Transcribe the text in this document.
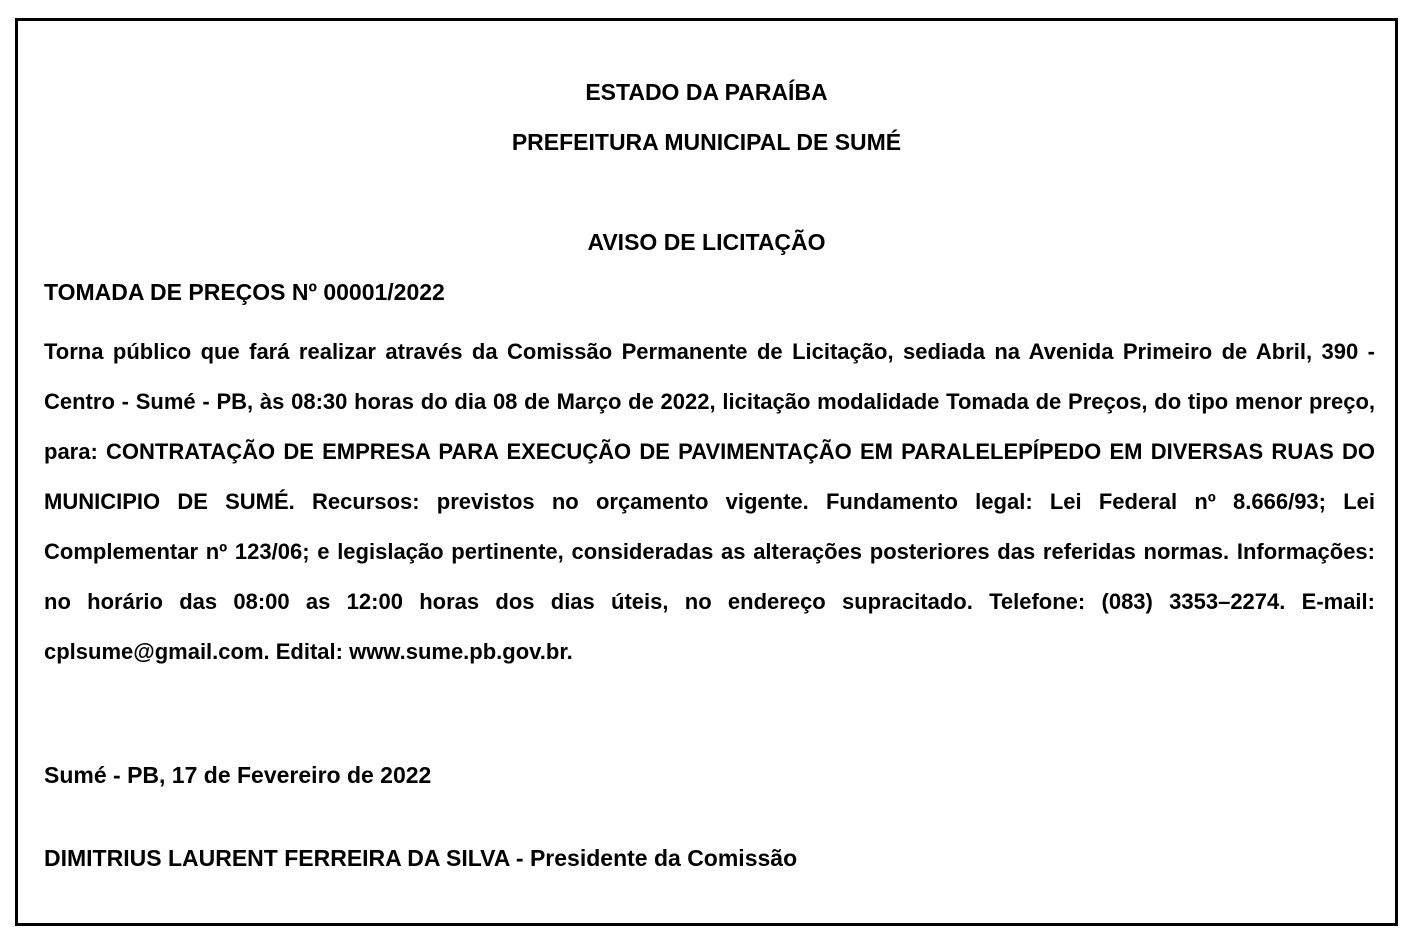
ESTADO DA PARAÍBA
PREFEITURA MUNICIPAL DE SUMÉ
AVISO DE LICITAÇÃO
TOMADA DE PREÇOS Nº 00001/2022

Torna público que fará realizar através da Comissão Permanente de Licitação, sediada na Avenida Primeiro de Abril, 390 - Centro - Sumé - PB, às 08:30 horas do dia 08 de Março de 2022, licitação modalidade Tomada de Preços, do tipo menor preço, para: CONTRATAÇÃO DE EMPRESA PARA EXECUÇÃO DE PAVIMENTAÇÃO EM PARALELEPÍPEDO EM DIVERSAS RUAS DO MUNICIPIO DE SUMÉ. Recursos: previstos no orçamento vigente. Fundamento legal: Lei Federal nº 8.666/93; Lei Complementar nº 123/06; e legislação pertinente, consideradas as alterações posteriores das referidas normas. Informações: no horário das 08:00 as 12:00 horas dos dias úteis, no endereço supracitado. Telefone: (083) 3353–2274. E-mail: cplsume@gmail.com. Edital: www.sume.pb.gov.br.

Sumé - PB, 17 de Fevereiro de 2022
DIMITRIUS LAURENT FERREIRA DA SILVA - Presidente da Comissão
